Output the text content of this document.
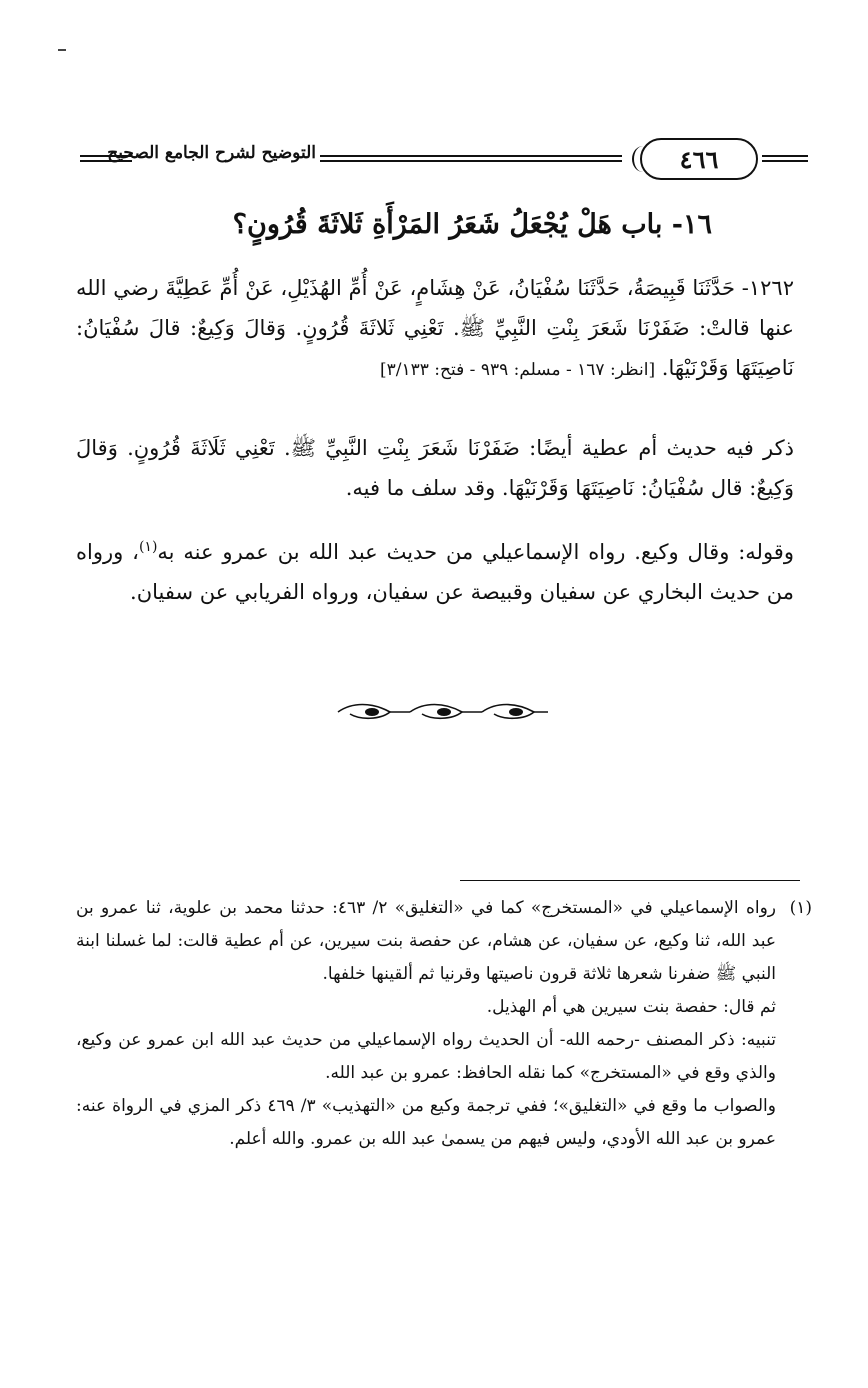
٤٦٦
التوضيح لشرح الجامع الصحيح
١٦- باب هَلْ يُجْعَلُ شَعَرُ المَرْأَةِ ثَلاثَةَ قُرُونٍ؟
١٢٦٢- حَدَّثَنَا قَبِيصَةُ، حَدَّثَنَا سُفْيَانُ، عَنْ هِشَامٍ، عَنْ أُمِّ الهُذَيْلِ، عَنْ أُمِّ عَطِيَّةَ رضي الله عنها قالتْ: ضَفَرْنَا شَعَرَ بِنْتِ النَّبِيِّ ﷺ. تَعْنِي ثَلاثَةَ قُرُونٍ. وَقالَ وَكِيعٌ: قالَ سُفْيَانُ: نَاصِيَتَهَا وَقَرْنَيْهَا. [انظر: ١٦٧ - مسلم: ٩٣٩ - فتح: ٣/١٣٣]
ذكر فيه حديث أم عطية أيضًا: ضَفَرْنَا شَعَرَ بِنْتِ النَّبِيِّ ﷺ. تَعْنِي ثَلَاثَةَ قُرُونٍ. وَقالَ وَكِيعٌ: قال سُفْيَانُ: نَاصِيَتَهَا وَقَرْنَيْهَا. وقد سلف ما فيه.
وقوله: وقال وكيع. رواه الإسماعيلي من حديث عبد الله بن عمرو عنه به$^{(١)}$، ورواه من حديث البخاري عن سفيان وقبيصة عن سفيان، ورواه الفريابي عن سفيان.
(١)
رواه الإسماعيلي في «المستخرج» كما في «التغليق» ٢/ ٤٦٣: حدثنا محمد بن علوية، ثنا عمرو بن عبد الله، ثنا وكيع، عن سفيان، عن هشام، عن حفصة بنت سيرين، عن أم عطية قالت: لما غسلنا ابنة النبي ﷺ ضفرنا شعرها ثلاثة قرون ناصيتها وقرنيا ثم ألقينها خلفها.
ثم قال: حفصة بنت سيرين هي أم الهذيل.
تنبيه: ذكر المصنف -رحمه الله- أن الحديث رواه الإسماعيلي من حديث عبد الله ابن عمرو عن وكيع، والذي وقع في «المستخرج» كما نقله الحافظ: عمرو بن عبد الله.
والصواب ما وقع في «التغليق»؛ ففي ترجمة وكيع من «التهذيب» ٣/ ٤٦٩ ذكر المزي في الرواة عنه: عمرو بن عبد الله الأودي، وليس فيهم من يسمىٰ عبد الله بن عمرو. والله أعلم.
